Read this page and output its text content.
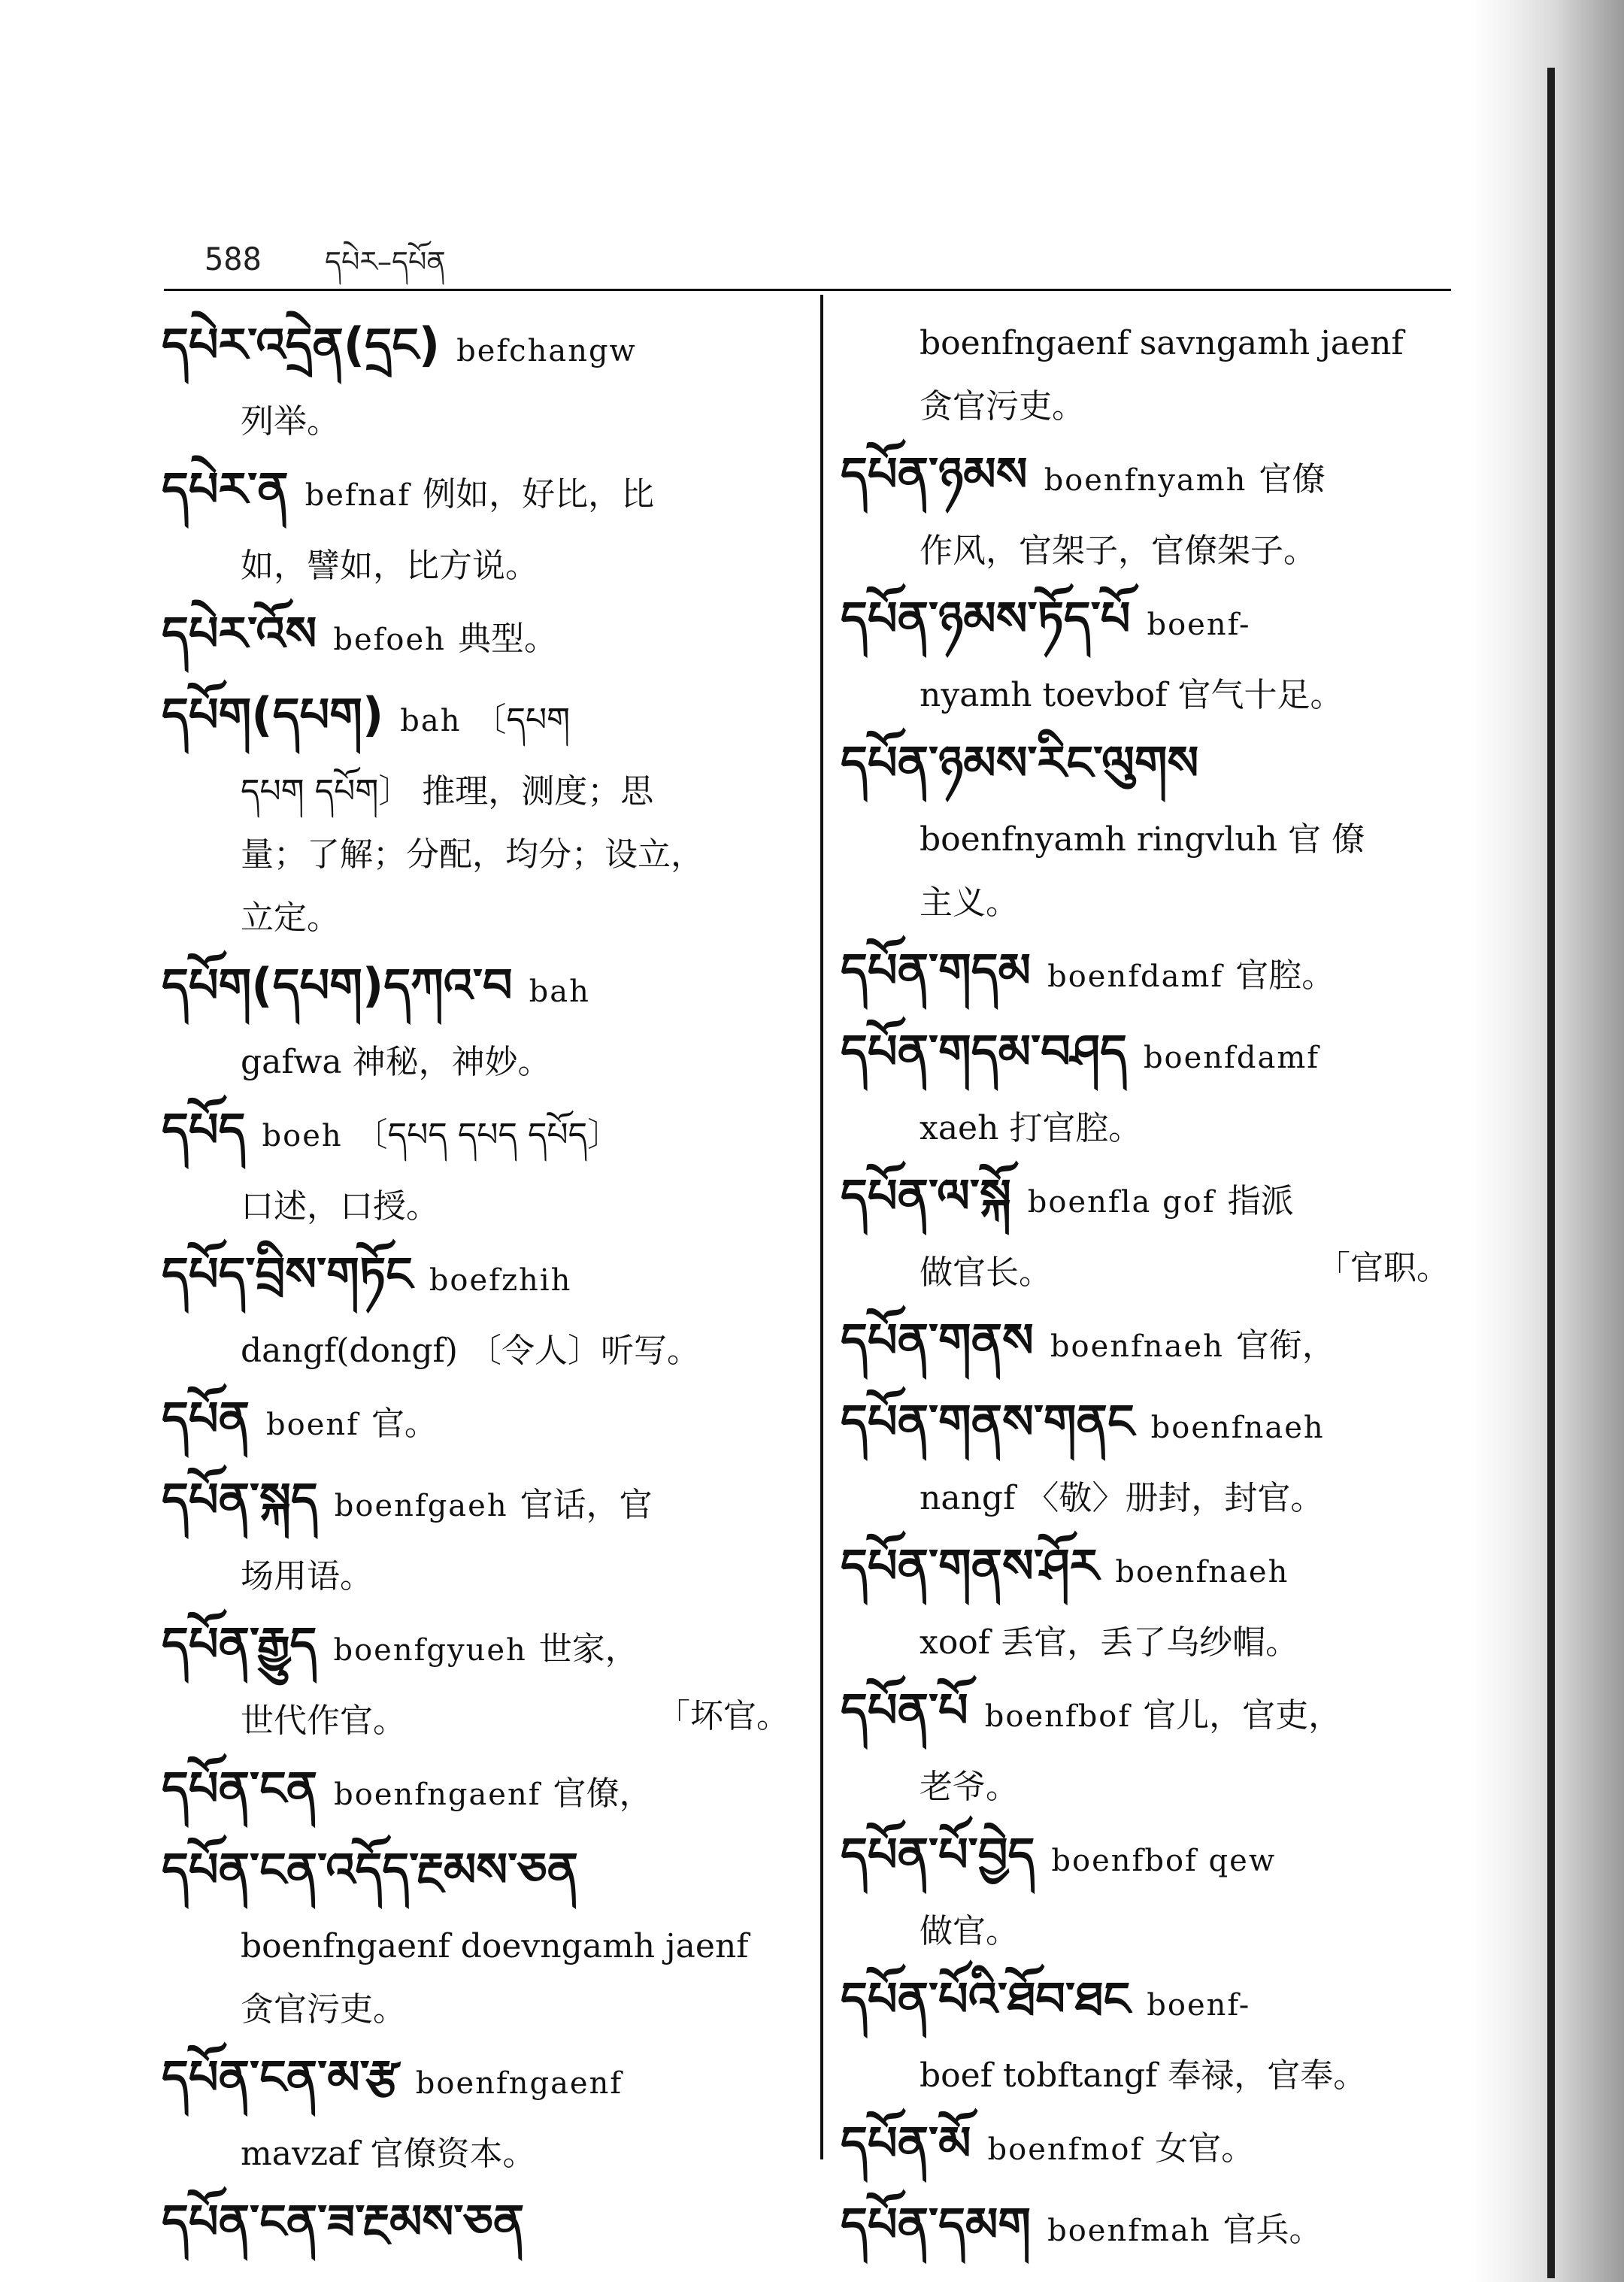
588 དཔེར–དཔོན
དཔེར་འདྲེན(དྲང) befchangw
列举。
དཔེར་ན befnaf 例如，好比，比
如，譬如，比方说。
དཔེར་འོས befoeh 典型。
དཔོག(དཔག) bah 〔དཔག
དཔག དཔོག〕 推理，测度；思
量；了解；分配，均分；设立，
立定。
དཔོག(དཔག)དཀའ་བ bah
gafwa 神秘，神妙。
དཔོད boeh 〔དཔད དཔད དཔོད〕
口述，口授。
དཔོད་བྲིས་གཏོང boefzhih
dangf(dongf) 〔令人〕听写。
དཔོན boenf 官。
དཔོན་སྐད boenfgaeh 官话，官
场用语。
དཔོན་རྒྱུད boenfgyueh 世家，
世代作官。	「坏官。
དཔོན་ངན boenfngaenf 官僚，
དཔོན་ངན་འདོད་རྔམས་ཅན
boenfngaenf doevngamh jaenf
贪官污吏。
དཔོན་ངན་མ་རྩ boenfngaenf
mavzaf 官僚资本。
དཔོན་ངན་ཟ་རྔམས་ཅན
boenfngaenf savngamh jaenf
贪官污吏。
དཔོན་ཉམས boenfnyamh 官僚
作风，官架子，官僚架子。
དཔོན་ཉམས་ཏོད་པོ boenf-
nyamh toevbof 官气十足。
དཔོན་ཉམས་རིང་ལུགས
boenfnyamh ringvluh 官 僚
主义。
དཔོན་གདམ boenfdamf 官腔。
དཔོན་གདམ་བཤད boenfdamf
xaeh 打官腔。
དཔོན་ལ་སྐོ boenfla gof 指派
做官长。	「官职。
དཔོན་གནས boenfnaeh 官衔，
དཔོན་གནས་གནང boenfnaeh
nangf 〈敬〉册封，封官。
དཔོན་གནས་ཤོར boenfnaeh
xoof 丢官，丢了乌纱帽。
དཔོན་པོ boenfbof 官儿，官吏，
老爷。
དཔོན་པོ་བྱེད boenfbof qew
做官。
དཔོན་པོའི་ཐོབ་ཐང boenf-
boef tobftangf 奉禄，官奉。
དཔོན་མོ boenfmof 女官。
དཔོན་དམག boenfmah 官兵。
